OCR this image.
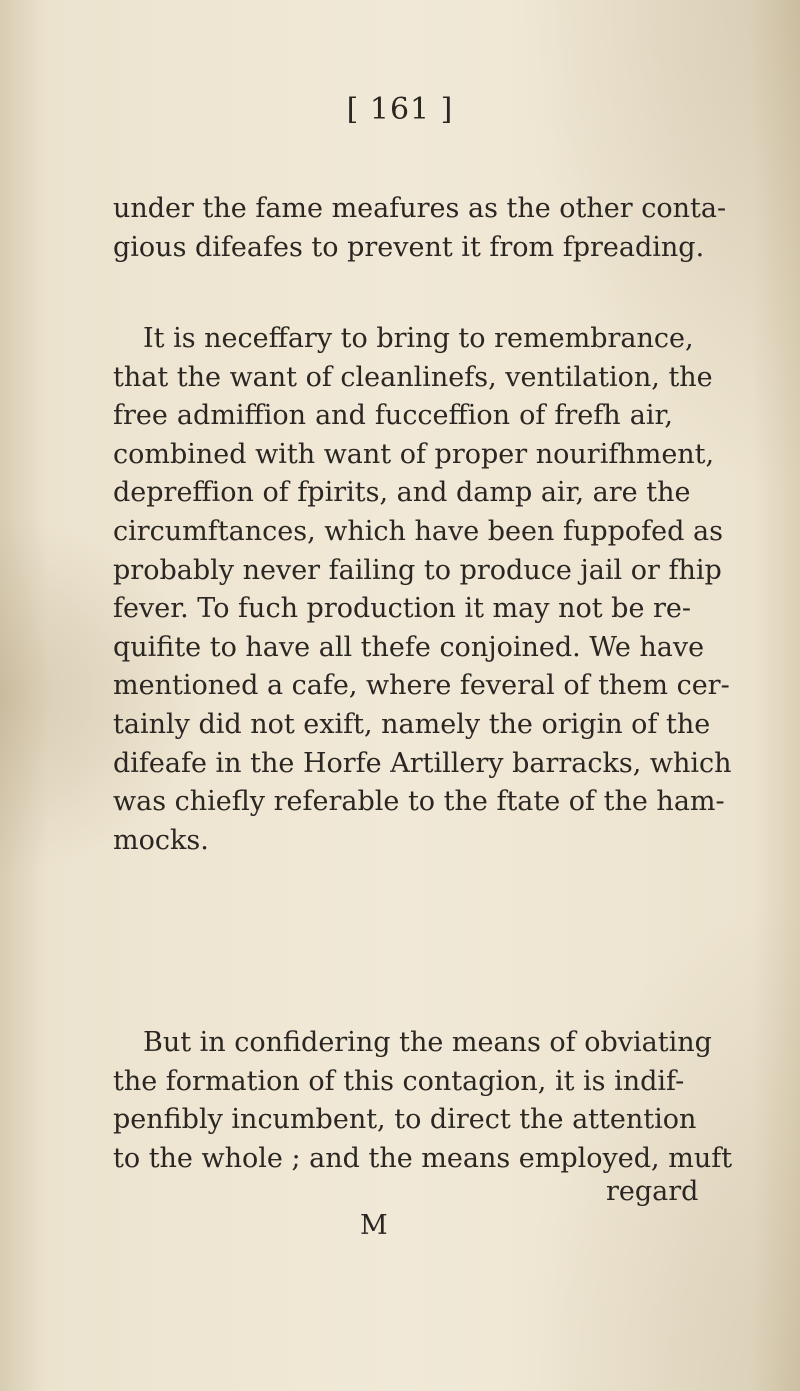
[ 161 ]
under the fame meafures as the other conta-
gious difeafes to prevent it from fpreading.
It is neceffary to bring to remembrance,
that the want of cleanlinefs, ventilation, the
free admiffion and fucceffion of frefh air,
combined with want of proper nourifhment,
depreffion of fpirits, and damp air, are the
circumftances, which have been fuppofed as
probably never failing to produce jail or fhip
fever. To fuch production it may not be re-
quifite to have all thefe conjoined. We have
mentioned a cafe, where feveral of them cer-
tainly did not exift, namely the origin of the
difeafe in the Horfe Artillery barracks, which
was chiefly referable to the ftate of the ham-
mocks.
But in confidering the means of obviating
the formation of this contagion, it is indif-
penfibly incumbent, to direct the attention
to the whole ; and the means employed, muft
regard
M
